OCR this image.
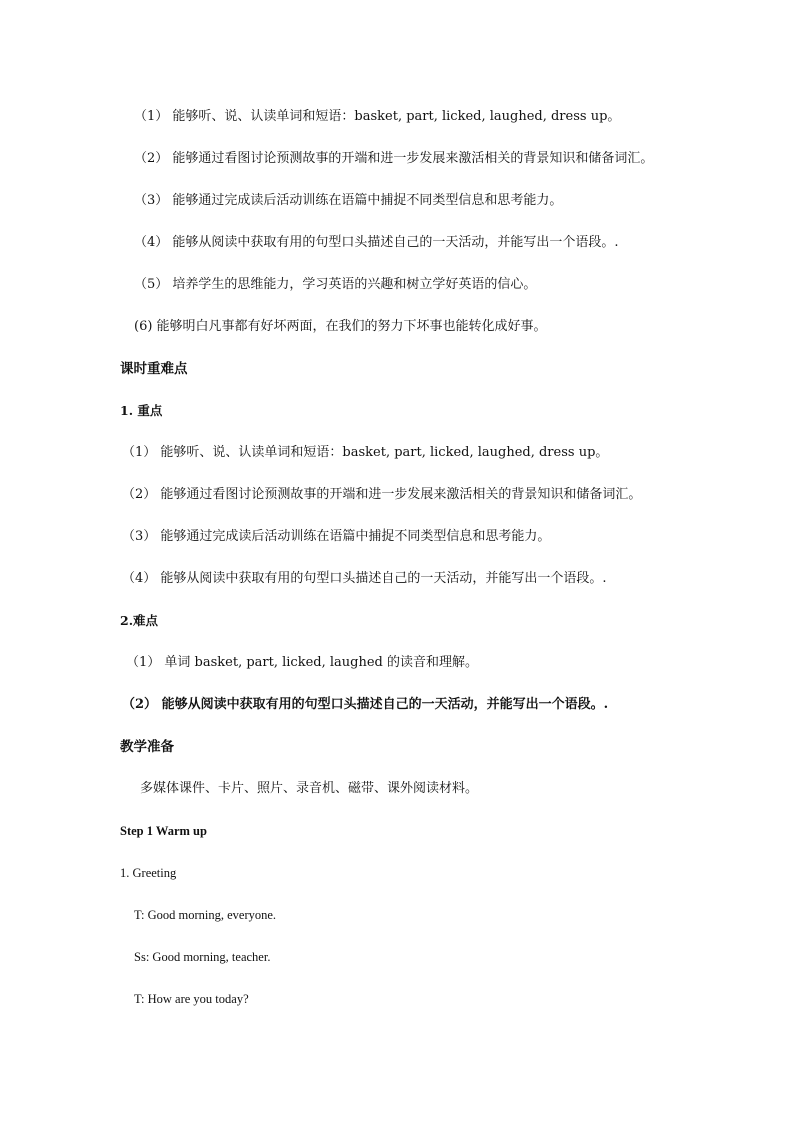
（1） 能够听、说、认读单词和短语：basket, part, licked, laughed, dress up。
（2） 能够通过看图讨论预测故事的开端和进一步发展来激活相关的背景知识和储备词汇。
（3） 能够通过完成读后活动训练在语篇中捕捉不同类型信息和思考能力。
（4） 能够从阅读中获取有用的句型口头描述自己的一天活动，并能写出一个语段。.
（5） 培养学生的思维能力，学习英语的兴趣和树立学好英语的信心。
(6) 能够明白凡事都有好坏两面，在我们的努力下坏事也能转化成好事。
课时重难点
1. 重点
（1） 能够听、说、认读单词和短语：basket, part, licked, laughed, dress up。
（2） 能够通过看图讨论预测故事的开端和进一步发展来激活相关的背景知识和储备词汇。
（3） 能够通过完成读后活动训练在语篇中捕捉不同类型信息和思考能力。
（4） 能够从阅读中获取有用的句型口头描述自己的一天活动，并能写出一个语段。.
2.难点
（1） 单词 basket, part, licked, laughed 的读音和理解。
（2） 能够从阅读中获取有用的句型口头描述自己的一天活动，并能写出一个语段。.
教学准备
多媒体课件、卡片、照片、录音机、磁带、课外阅读材料。
Step 1 Warm up
1. Greeting
T: Good morning, everyone.
Ss: Good morning, teacher.
T: How are you today?
